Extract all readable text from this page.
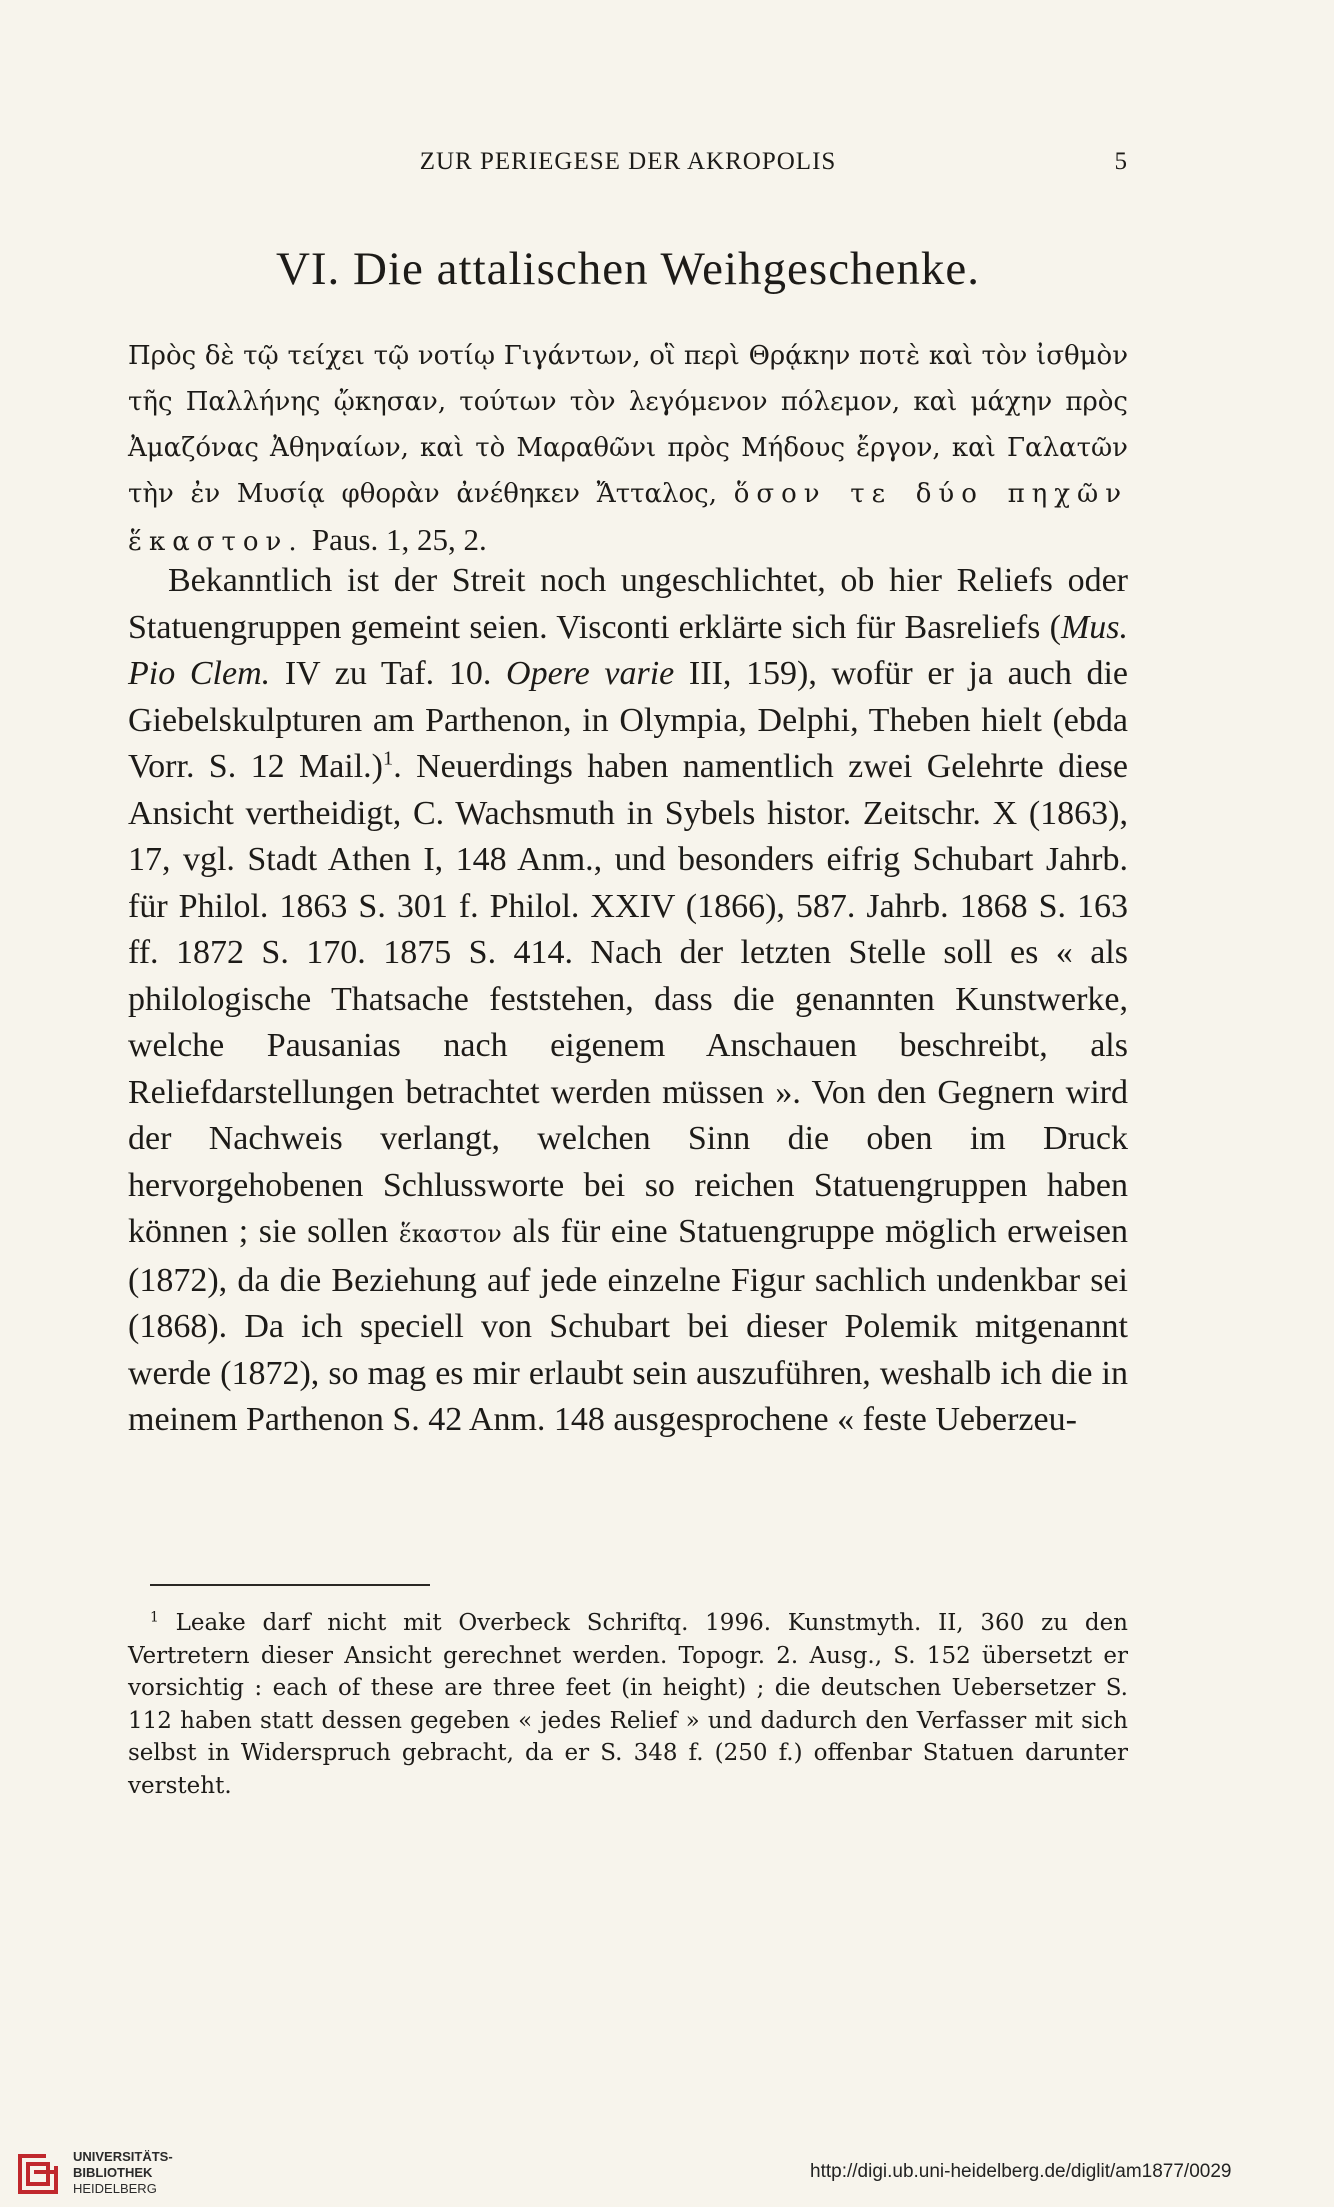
ZUR PERIEGESE DER AKROPOLIS	5
VI. Die attalischen Weihgeschenke.

Πρὸς δὲ τῷ τείχει τῷ νοτίῳ Γιγάντων, οἳ περὶ Θρᾴκην ποτὲ καὶ τὸν ἰσθμὸν τῆς Παλλήνης ᾤκησαν, τούτων τὸν λεγόμενον πόλεμον, καὶ μάχην πρὸς Ἀμαζόνας Ἀθηναίων, καὶ τὸ Μαραθῶνι πρὸς Μήδους ἔργον, καὶ Γαλατῶν τὴν ἐν Μυσίᾳ φθορὰν ἀνέθηκεν Ἄτταλος, ὅσον τε δύο πηχῶν ἕκαστον. Paus. 1, 25, 2.

Bekanntlich ist der Streit noch ungeschlichtet, ob hier Reliefs oder Statuengruppen gemeint seien. Visconti erklärte sich für Basreliefs (Mus. Pio Clem. IV zu Taf. 10. Opere varie III, 159), wofür er ja auch die Giebelskulpturen am Parthenon, in Olympia, Delphi, Theben hielt (ebda Vorr. S. 12 Mail.)$^1$. Neuerdings haben namentlich zwei Gelehrte diese Ansicht vertheidigt, C. Wachsmuth in Sybels histor. Zeitschr. X (1863), 17, vgl. Stadt Athen I, 148 Anm., und besonders eifrig Schubart Jahrb. für Philol. 1863 S. 301 f. Philol. XXIV (1866), 587. Jahrb. 1868 S. 163 ff. 1872 S. 170. 1875 S. 414. Nach der letzten Stelle soll es « als philologische Thatsache feststehen, dass die genannten Kunstwerke, welche Pausanias nach eigenem Anschauen beschreibt, als Reliefdarstellungen betrachtet werden müssen ». Von den Gegnern wird der Nachweis verlangt, welchen Sinn die oben im Druck hervorgehobenen Schlussworte bei so reichen Statuengruppen haben können ; sie sollen ἕκαστον als für eine Statuengruppe möglich erweisen (1872), da die Beziehung auf jede einzelne Figur sachlich undenkbar sei (1868). Da ich speciell von Schubart bei dieser Polemik mitgenannt werde (1872), so mag es mir erlaubt sein auszuführen, weshalb ich die in meinem Parthenon S. 42 Anm. 148 ausgesprochene « feste Ueberzeu-

$^1$ Leake darf nicht mit Overbeck Schriftq. 1996. Kunstmyth. II, 360 zu den Vertretern dieser Ansicht gerechnet werden. Topogr. 2. Ausg., S. 152 übersetzt er vorsichtig : each of these are three feet (in height) ; die deutschen Uebersetzer S. 112 haben statt dessen gegeben « jedes Relief » und dadurch den Verfasser mit sich selbst in Widerspruch gebracht, da er S. 348 f. (250 f.) offenbar Statuen darunter versteht.

UNIVERSITÄTS-
BIBLIOTHEK
HEIDELBERG
http://digi.ub.uni-heidelberg.de/diglit/am1877/0029
